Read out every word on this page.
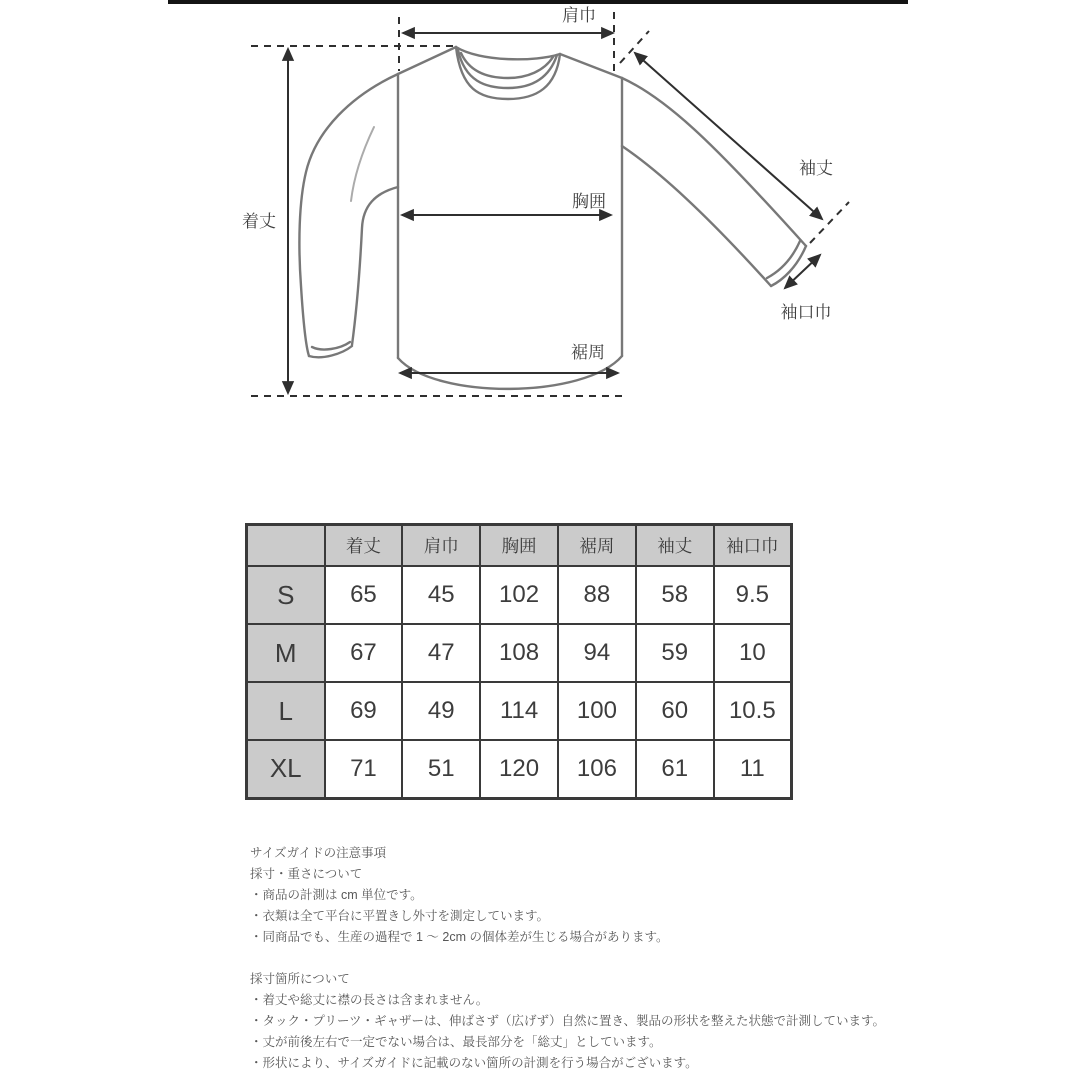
肩巾
着丈
胸囲
裾周
袖丈
袖口巾
	着丈	肩巾	胸囲	裾周	袖丈	袖口巾
S	65	45	102	88	58	9.5
M	67	47	108	94	59	10
L	69	49	114	100	60	10.5
XL	71	51	120	106	61	11
サイズガイドの注意事項
採寸・重さについて
・商品の計測は cm 単位です。
・衣類は全て平台に平置きし外寸を測定しています。
・同商品でも、生産の過程で 1 ～ 2cm の個体差が生じる場合があります。
採寸箇所について
・着丈や総丈に襟の長さは含まれません。
・タック・プリーツ・ギャザーは、伸ばさず（広げず）自然に置き、製品の形状を整えた状態で計測しています。
・丈が前後左右で一定でない場合は、最長部分を「総丈」としています。
・形状により、サイズガイドに記載のない箇所の計測を行う場合がございます。
